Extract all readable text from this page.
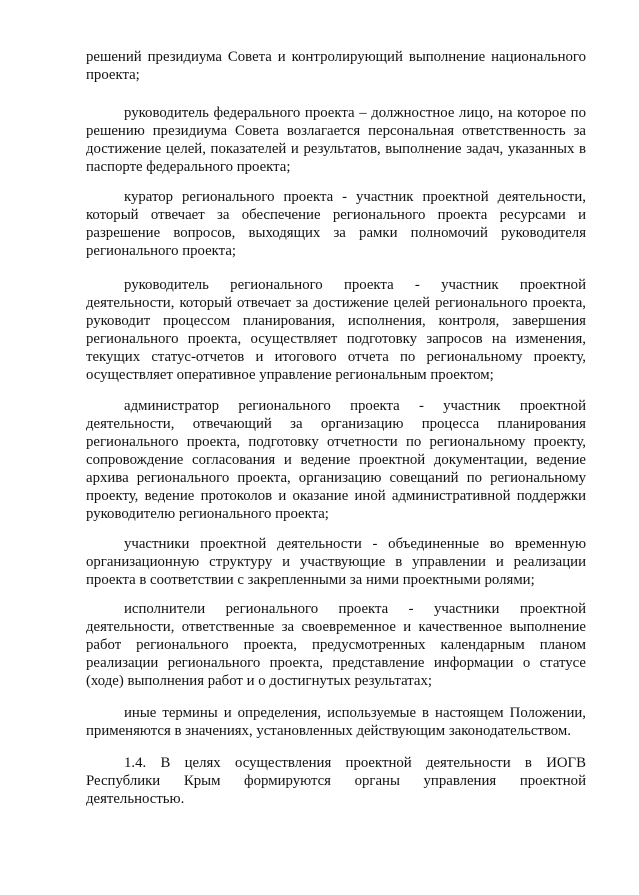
решений президиума Совета и контролирующий выполнение национального проекта;

руководитель федерального проекта – должностное лицо, на которое по решению президиума Совета возлагается персональная ответственность за достижение целей, показателей и результатов, выполнение задач, указанных в паспорте федерального проекта;

куратор регионального проекта - участник проектной деятельности, который отвечает за обеспечение регионального проекта ресурсами и разрешение вопросов, выходящих за рамки полномочий руководителя регионального проекта;

руководитель регионального проекта - участник проектной деятельности, который отвечает за достижение целей регионального проекта, руководит процессом планирования, исполнения, контроля, завершения регионального проекта, осуществляет подготовку запросов на изменения, текущих статус-отчетов и итогового отчета по региональному проекту, осуществляет оперативное управление региональным проектом;

администратор регионального проекта - участник проектной деятельности, отвечающий за организацию процесса планирования регионального проекта, подготовку отчетности по региональному проекту, сопровождение согласования и ведение проектной документации, ведение архива регионального проекта, организацию совещаний по региональному проекту, ведение протоколов и оказание иной административной поддержки руководителю регионального проекта;

участники проектной деятельности - объединенные во временную организационную структуру и участвующие в управлении и реализации проекта в соответствии с закрепленными за ними проектными ролями;

исполнители регионального проекта - участники проектной деятельности, ответственные за своевременное и качественное выполнение работ регионального проекта, предусмотренных календарным планом реализации регионального проекта, представление информации о статусе (ходе) выполнения работ и о достигнутых результатах;

иные термины и определения, используемые в настоящем Положении, применяются в значениях, установленных действующим законодательством.

1.4. В целях осуществления проектной деятельности в ИОГВ Республики Крым формируются органы управления проектной деятельностью.
